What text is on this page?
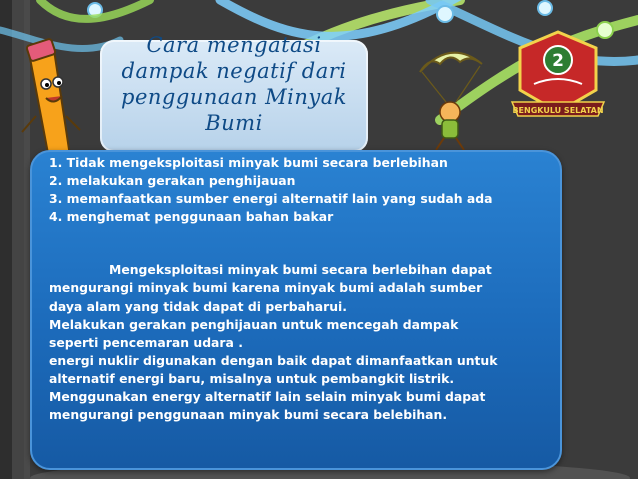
2
BENGKULU SELATAN
Cara mengatasi
dampak negatif dari
penggunaan Minyak
Bumi
1. Tidak mengeksploitasi minyak bumi secara berlebihan
2. melakukan gerakan penghijauan
3. memanfaatkan sumber energi alternatif lain yang sudah ada
4. menghemat penggunaan bahan bakar
Mengeksploitasi minyak bumi secara berlebihan dapat
mengurangi minyak bumi karena minyak bumi adalah sumber
daya alam yang tidak dapat di perbaharui.
Melakukan gerakan penghijauan untuk mencegah dampak
seperti pencemaran udara .
energi nuklir digunakan dengan baik dapat dimanfaatkan untuk
alternatif energi baru, misalnya untuk pembangkit listrik.
Menggunakan energy alternatif lain selain minyak bumi dapat
mengurangi penggunaan minyak bumi secara belebihan.
